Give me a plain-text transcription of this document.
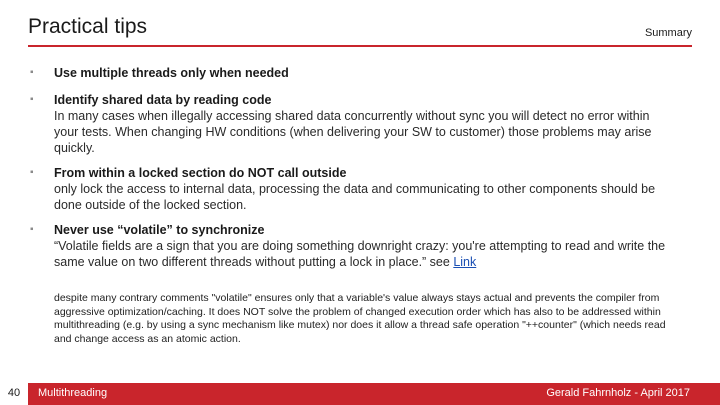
Practical tips	Summary
▪ Use multiple threads only when needed
▪ Identify shared data by reading code
In many cases when illegally accessing shared data concurrently without sync you will detect no error within your tests. When changing HW conditions (when delivering your SW to customer) those problems may arise quickly.
▪ From within a locked section do NOT call outside
only lock the access to internal data, processing the data and communicating to other components should be done outside of the locked section.
▪ Never use “volatile” to synchronize
“Volatile fields are a sign that you are doing something downright crazy: you're attempting to read and write the same value on two different threads without putting a lock in place.” see Link
despite many contrary comments "volatile" ensures only that a variable's value always stays actual and prevents the compiler from aggressive optimization/caching. It does NOT solve the problem of changed execution order which has also to be addressed within multithreading (e.g. by using a sync mechanism like mutex) nor does it allow a thread safe operation "++counter" (which needs read and change access as an atomic action.
40	Multithreading	Gerald Fahrnholz - April 2017
